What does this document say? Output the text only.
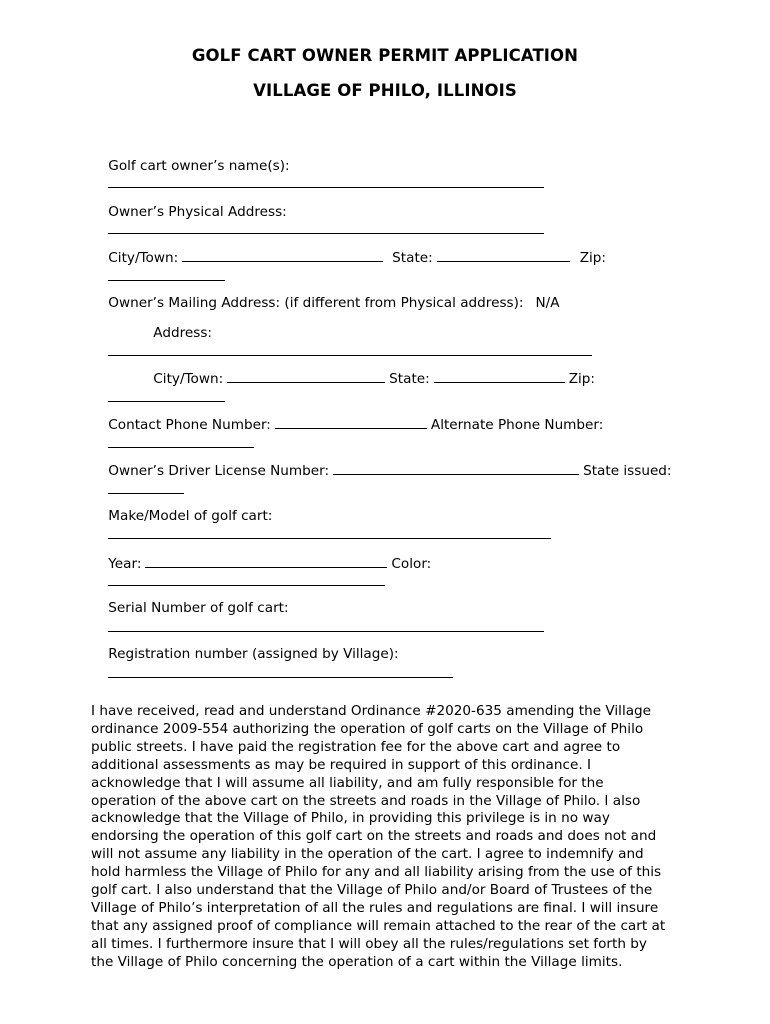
GOLF CART OWNER PERMIT APPLICATION
VILLAGE OF PHILO, ILLINOIS

Golf cart owner’s name(s):

Owner’s Physical Address:

City/Town:	State:	Zip:

Owner’s Mailing Address: (if different from Physical address): N/A

Address:

City/Town:	State:	Zip:

Contact Phone Number:	Alternate Phone Number:

Owner’s Driver License Number:	State issued:

Make/Model of golf cart:

Year:	Color:

Serial Number of golf cart:

Registration number (assigned by Village):

I have received, read and understand Ordinance #2020-635 amending the Village
ordinance 2009-554 authorizing the operation of golf carts on the Village of Philo
public streets. I have paid the registration fee for the above cart and agree to
additional assessments as may be required in support of this ordinance. I
acknowledge that I will assume all liability, and am fully responsible for the
operation of the above cart on the streets and roads in the Village of Philo. I also
acknowledge that the Village of Philo, in providing this privilege is in no way
endorsing the operation of this golf cart on the streets and roads and does not and
will not assume any liability in the operation of the cart. I agree to indemnify and
hold harmless the Village of Philo for any and all liability arising from the use of this
golf cart. I also understand that the Village of Philo and/or Board of Trustees of the
Village of Philo’s interpretation of all the rules and regulations are final. I will insure
that any assigned proof of compliance will remain attached to the rear of the cart at
all times. I furthermore insure that I will obey all the rules/regulations set forth by
the Village of Philo concerning the operation of a cart within the Village limits.
